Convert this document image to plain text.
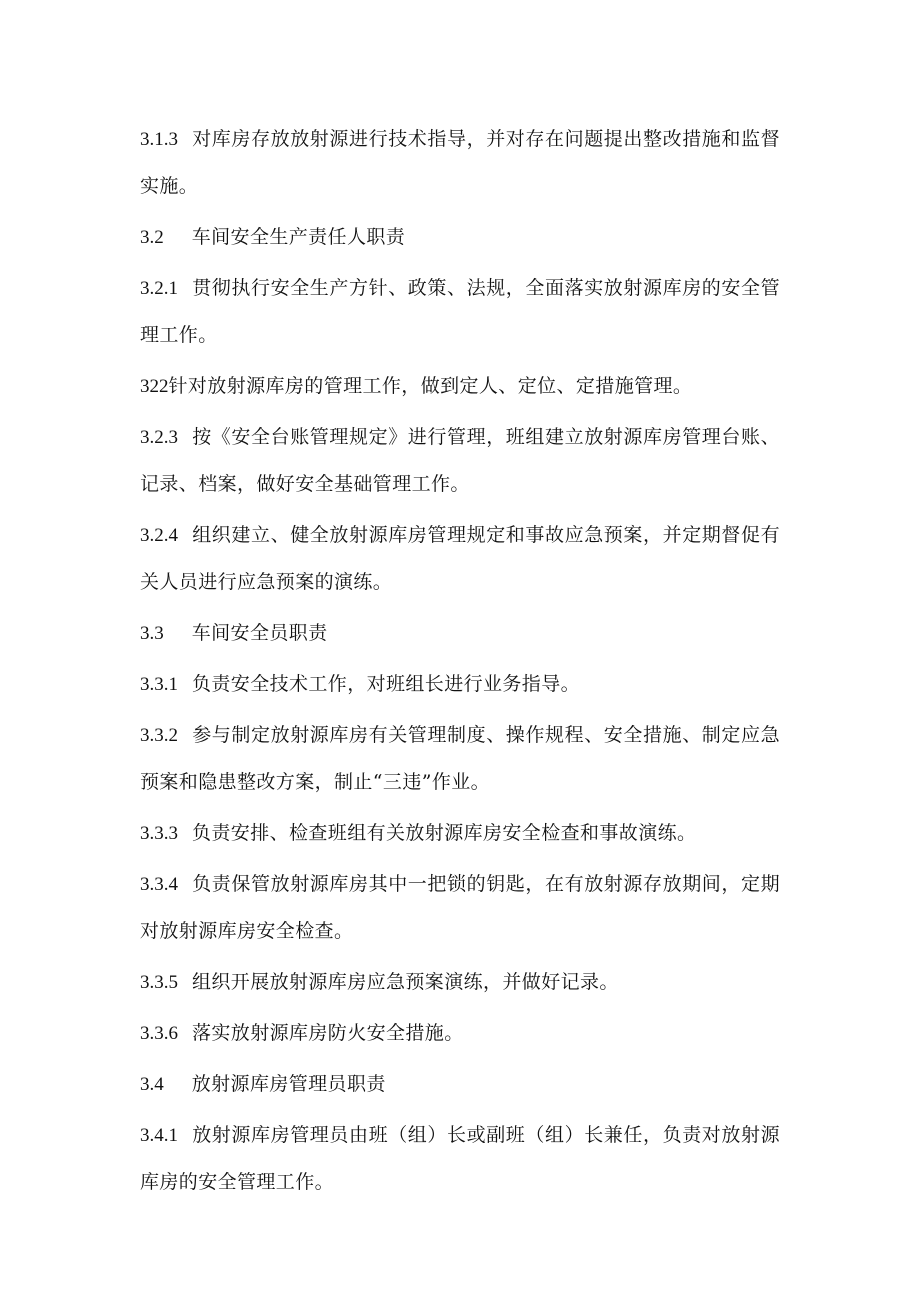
3.1.3 对库房存放放射源进行技术指导，并对存在问题提出整改措施和监督实施。

3.2 车间安全生产责任人职责

3.2.1 贯彻执行安全生产方针、政策、法规，全面落实放射源库房的安全管理工作。

322针对放射源库房的管理工作，做到定人、定位、定措施管理。

3.2.3 按《安全台账管理规定》进行管理，班组建立放射源库房管理台账、记录、档案，做好安全基础管理工作。

3.2.4 组织建立、健全放射源库房管理规定和事故应急预案，并定期督促有关人员进行应急预案的演练。

3.3 车间安全员职责

3.3.1 负责安全技术工作，对班组长进行业务指导。

3.3.2 参与制定放射源库房有关管理制度、操作规程、安全措施、制定应急预案和隐患整改方案，制止“三违”作业。

3.3.3 负责安排、检查班组有关放射源库房安全检查和事故演练。

3.3.4 负责保管放射源库房其中一把锁的钥匙，在有放射源存放期间，定期对放射源库房安全检查。

3.3.5 组织开展放射源库房应急预案演练，并做好记录。

3.3.6 落实放射源库房防火安全措施。

3.4 放射源库房管理员职责

3.4.1 放射源库房管理员由班（组）长或副班（组）长兼任，负责对放射源库房的安全管理工作。
